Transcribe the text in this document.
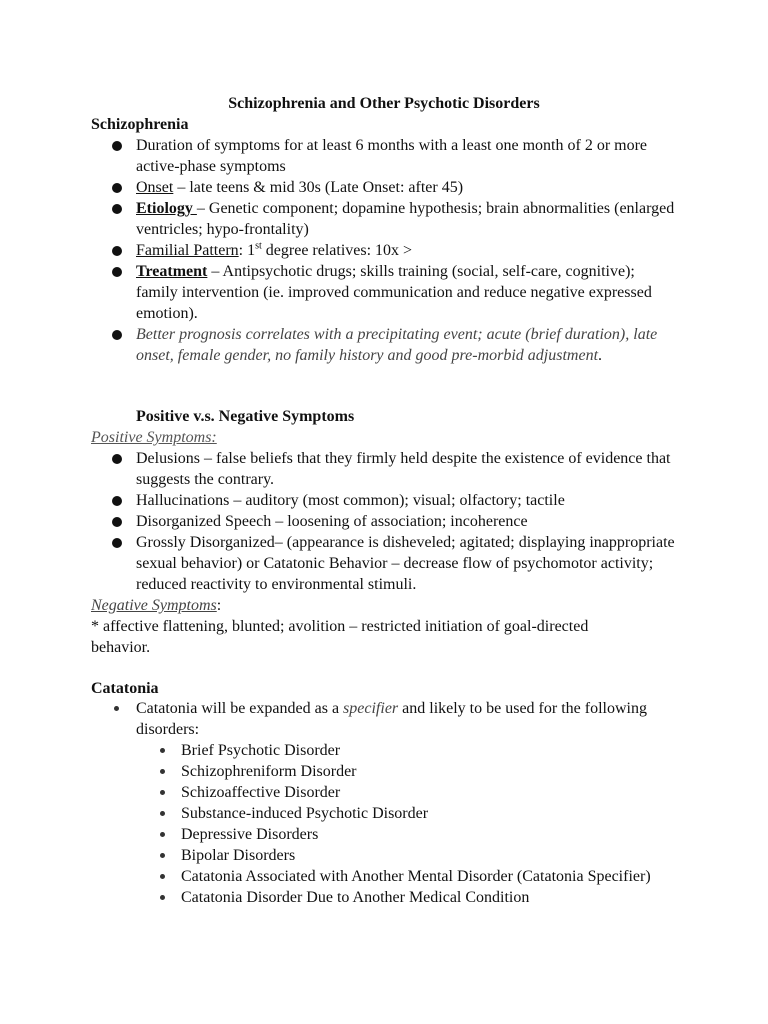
Schizophrenia and Other Psychotic Disorders
Schizophrenia
Duration of symptoms for at least 6 months with a least one month of 2 or more active-phase symptoms
Onset – late teens & mid 30s (Late Onset: after 45)
Etiology – Genetic component; dopamine hypothesis; brain abnormalities (enlarged ventricles; hypo-frontality)
Familial Pattern: 1st degree relatives: 10x >
Treatment – Antipsychotic drugs; skills training (social, self-care, cognitive); family intervention (ie. improved communication and reduce negative expressed emotion).
Better prognosis correlates with a precipitating event; acute (brief duration), late onset, female gender, no family history and good pre-morbid adjustment.
Positive v.s. Negative Symptoms
Positive Symptoms:
Delusions – false beliefs that they firmly held despite the existence of evidence that suggests the contrary.
Hallucinations – auditory (most common); visual; olfactory; tactile
Disorganized Speech – loosening of association; incoherence
Grossly Disorganized– (appearance is disheveled; agitated; displaying inappropriate sexual behavior) or Catatonic Behavior – decrease flow of psychomotor activity; reduced reactivity to environmental stimuli.
Negative Symptoms:
* affective flattening, blunted; avolition – restricted initiation of goal-directed behavior.
Catatonia
Catatonia will be expanded as a specifier and likely to be used for the following disorders:
Brief Psychotic Disorder
Schizophreniform Disorder
Schizoaffective Disorder
Substance-induced Psychotic Disorder
Depressive Disorders
Bipolar Disorders
Catatonia Associated with Another Mental Disorder (Catatonia Specifier)
Catatonia Disorder Due to Another Medical Condition
